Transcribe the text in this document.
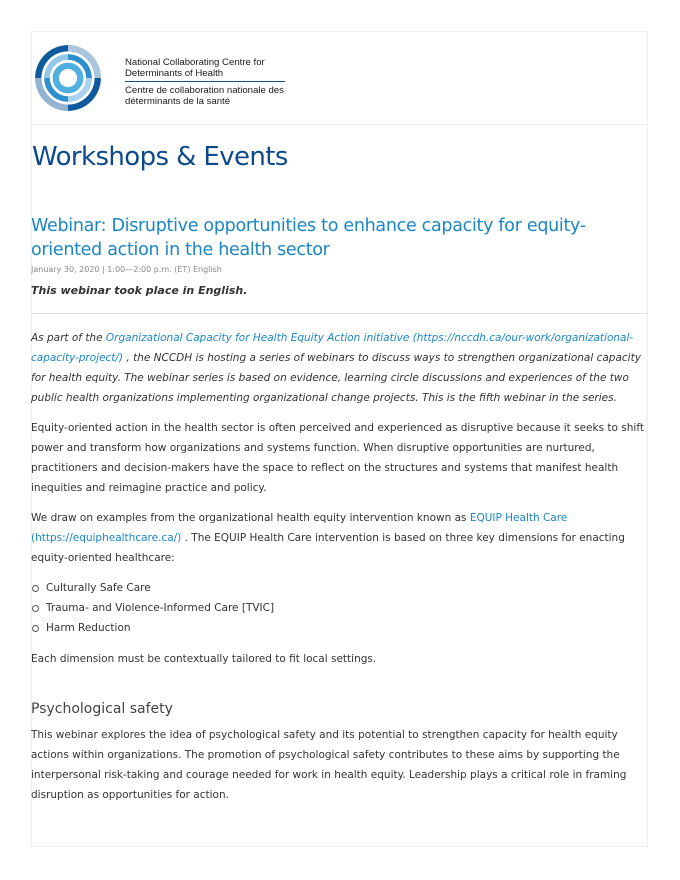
National Collaborating Centre for Determinants of Health
Centre de collaboration nationale des déterminants de la santé
Workshops & Events
Webinar: Disruptive opportunities to enhance capacity for equity-oriented action in the health sector
January 30, 2020 | 1:00—2:00 p.m. (ET) English
This webinar took place in English.

As part of the Organizational Capacity for Health Equity Action initiative (https://nccdh.ca/our-work/organizational-capacity-project/) , the NCCDH is hosting a series of webinars to discuss ways to strengthen organizational capacity for health equity. The webinar series is based on evidence, learning circle discussions and experiences of the two public health organizations implementing organizational change projects. This is the fifth webinar in the series.

Equity-oriented action in the health sector is often perceived and experienced as disruptive because it seeks to shift power and transform how organizations and systems function. When disruptive opportunities are nurtured, practitioners and decision-makers have the space to reflect on the structures and systems that manifest health inequities and reimagine practice and policy.

We draw on examples from the organizational health equity intervention known as EQUIP Health Care (https://equiphealthcare.ca/) . The EQUIP Health Care intervention is based on three key dimensions for enacting equity-oriented healthcare:

Culturally Safe Care
Trauma- and Violence-Informed Care [TVIC]
Harm Reduction

Each dimension must be contextually tailored to fit local settings.

Psychological safety

This webinar explores the idea of psychological safety and its potential to strengthen capacity for health equity actions within organizations. The promotion of psychological safety contributes to these aims by supporting the interpersonal risk-taking and courage needed for work in health equity. Leadership plays a critical role in framing disruption as opportunities for action.
